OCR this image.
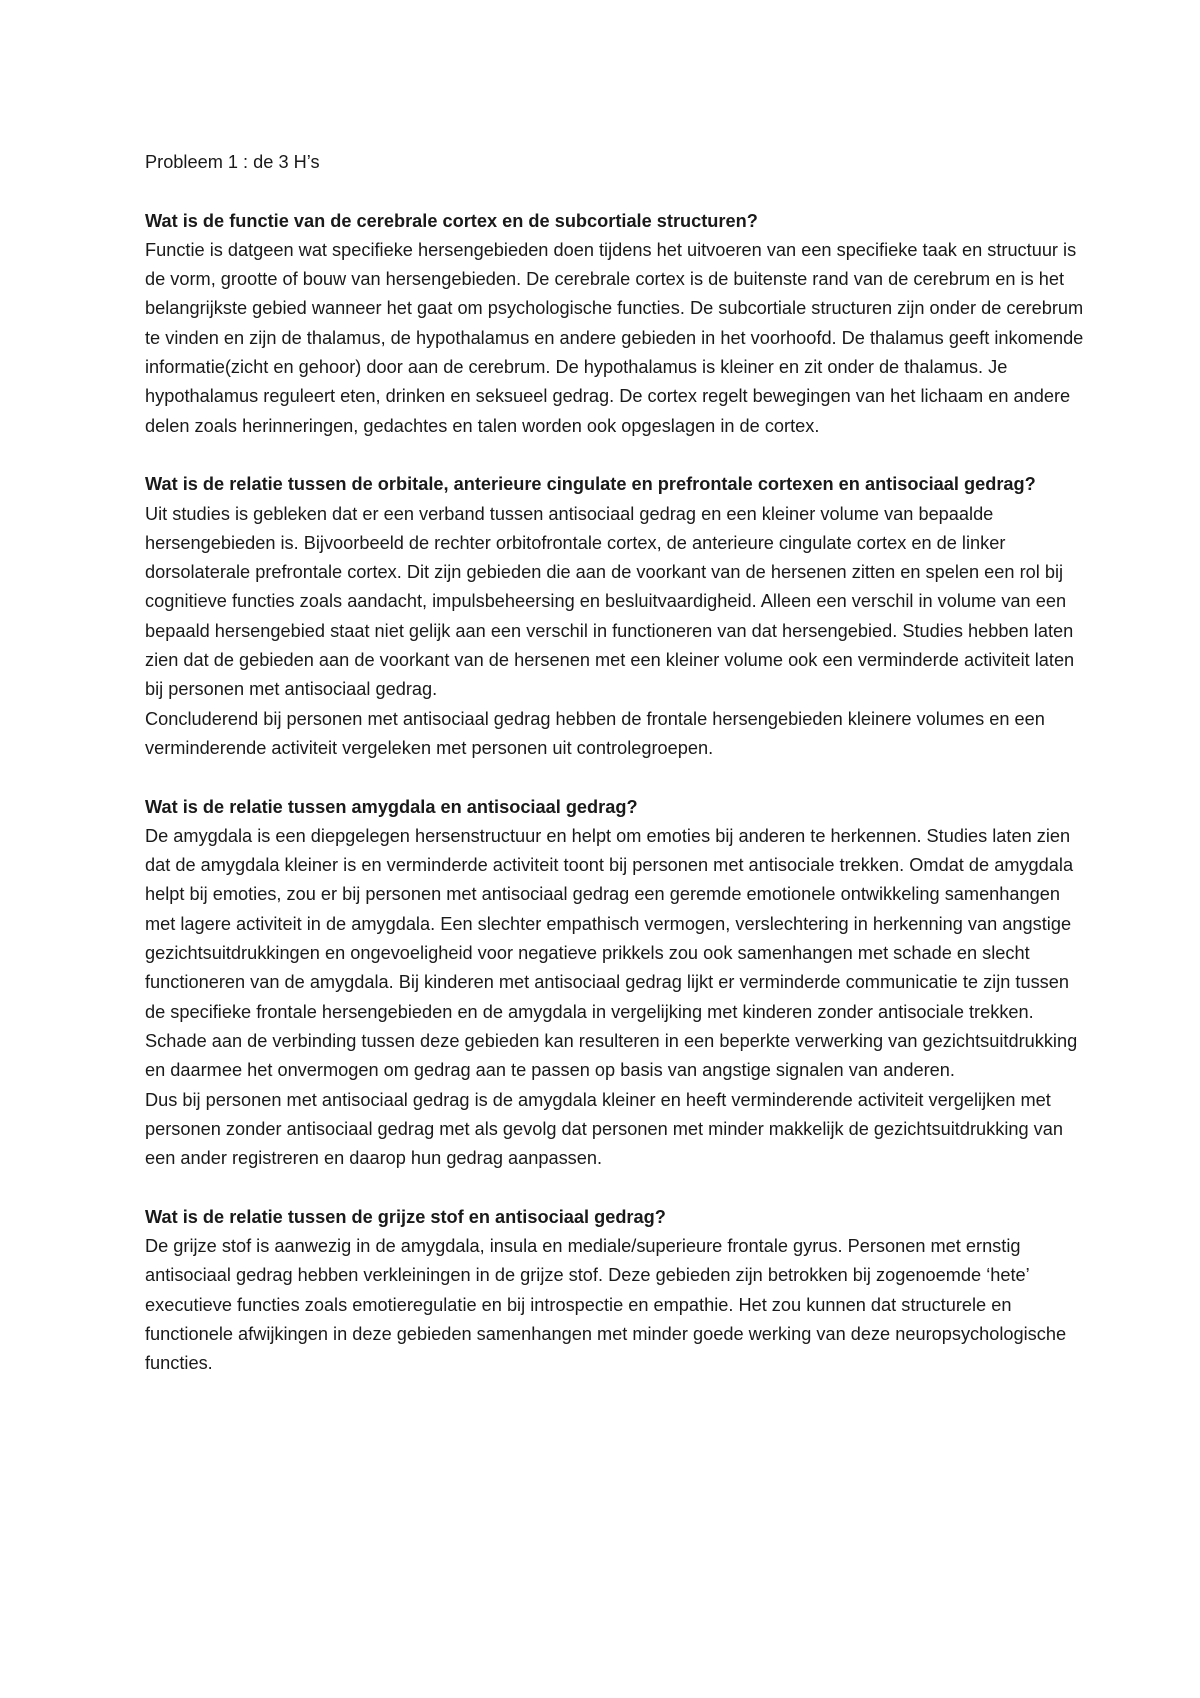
Probleem 1 : de 3 H’s

Wat is de functie van de cerebrale cortex en de subcortiale structuren?

Functie is datgeen wat specifieke hersengebieden doen tijdens het uitvoeren van een specifieke taak en structuur is de vorm, grootte of bouw van hersengebieden. De cerebrale cortex is de buitenste rand van de cerebrum en is het belangrijkste gebied wanneer het gaat om psychologische functies. De subcortiale structuren zijn onder de cerebrum te vinden en zijn de thalamus, de hypothalamus en andere gebieden in het voorhoofd. De thalamus geeft inkomende informatie(zicht en gehoor) door aan de cerebrum. De hypothalamus is kleiner en zit onder de thalamus. Je hypothalamus reguleert eten, drinken en seksueel gedrag. De cortex regelt bewegingen van het lichaam en andere delen zoals herinneringen, gedachtes en talen worden ook opgeslagen in de cortex.

Wat is de relatie tussen de orbitale, anterieure cingulate en prefrontale cortexen en antisociaal gedrag?

Uit studies is gebleken dat er een verband tussen antisociaal gedrag en een kleiner volume van bepaalde hersengebieden is. Bijvoorbeeld de rechter orbitofrontale cortex, de anterieure cingulate cortex en de linker dorsolaterale prefrontale cortex. Dit zijn gebieden die aan de voorkant van de hersenen zitten en spelen een rol bij cognitieve functies zoals aandacht, impulsbeheersing en besluitvaardigheid. Alleen een verschil in volume van een bepaald hersengebied staat niet gelijk aan een verschil in functioneren van dat hersengebied. Studies hebben laten zien dat de gebieden aan de voorkant van de hersenen met een kleiner volume ook een verminderde activiteit laten bij personen met antisociaal gedrag.

Concluderend bij personen met antisociaal gedrag hebben de frontale hersengebieden kleinere volumes en een verminderende activiteit vergeleken met personen uit controlegroepen.

Wat is de relatie tussen amygdala en antisociaal gedrag?

De amygdala is een diepgelegen hersenstructuur en helpt om emoties bij anderen te herkennen. Studies laten zien dat de amygdala kleiner is en verminderde activiteit toont bij personen met antisociale trekken. Omdat de amygdala helpt bij emoties, zou er bij personen met antisociaal gedrag een geremde emotionele ontwikkeling samenhangen met lagere activiteit in de amygdala. Een slechter empathisch vermogen, verslechtering in herkenning van angstige gezichtsuitdrukkingen en ongevoeligheid voor negatieve prikkels zou ook samenhangen met schade en slecht functioneren van de amygdala. Bij kinderen met antisociaal gedrag lijkt er verminderde communicatie te zijn tussen de specifieke frontale hersengebieden en de amygdala in vergelijking met kinderen zonder antisociale trekken. Schade aan de verbinding tussen deze gebieden kan resulteren in een beperkte verwerking van gezichtsuitdrukking en daarmee het onvermogen om gedrag aan te passen op basis van angstige signalen van anderen.

Dus bij personen met antisociaal gedrag is de amygdala kleiner en heeft verminderende activiteit vergelijken met personen zonder antisociaal gedrag met als gevolg dat personen met minder makkelijk de gezichtsuitdrukking van een ander registreren en daarop hun gedrag aanpassen.

Wat is de relatie tussen de grijze stof en antisociaal gedrag?

De grijze stof is aanwezig in de amygdala, insula en mediale/superieure frontale gyrus. Personen met ernstig antisociaal gedrag hebben verkleiningen in de grijze stof. Deze gebieden zijn betrokken bij zogenoemde ‘hete’ executieve functies zoals emotieregulatie en bij introspectie en empathie. Het zou kunnen dat structurele en functionele afwijkingen in deze gebieden samenhangen met minder goede werking van deze neuropsychologische functies.
